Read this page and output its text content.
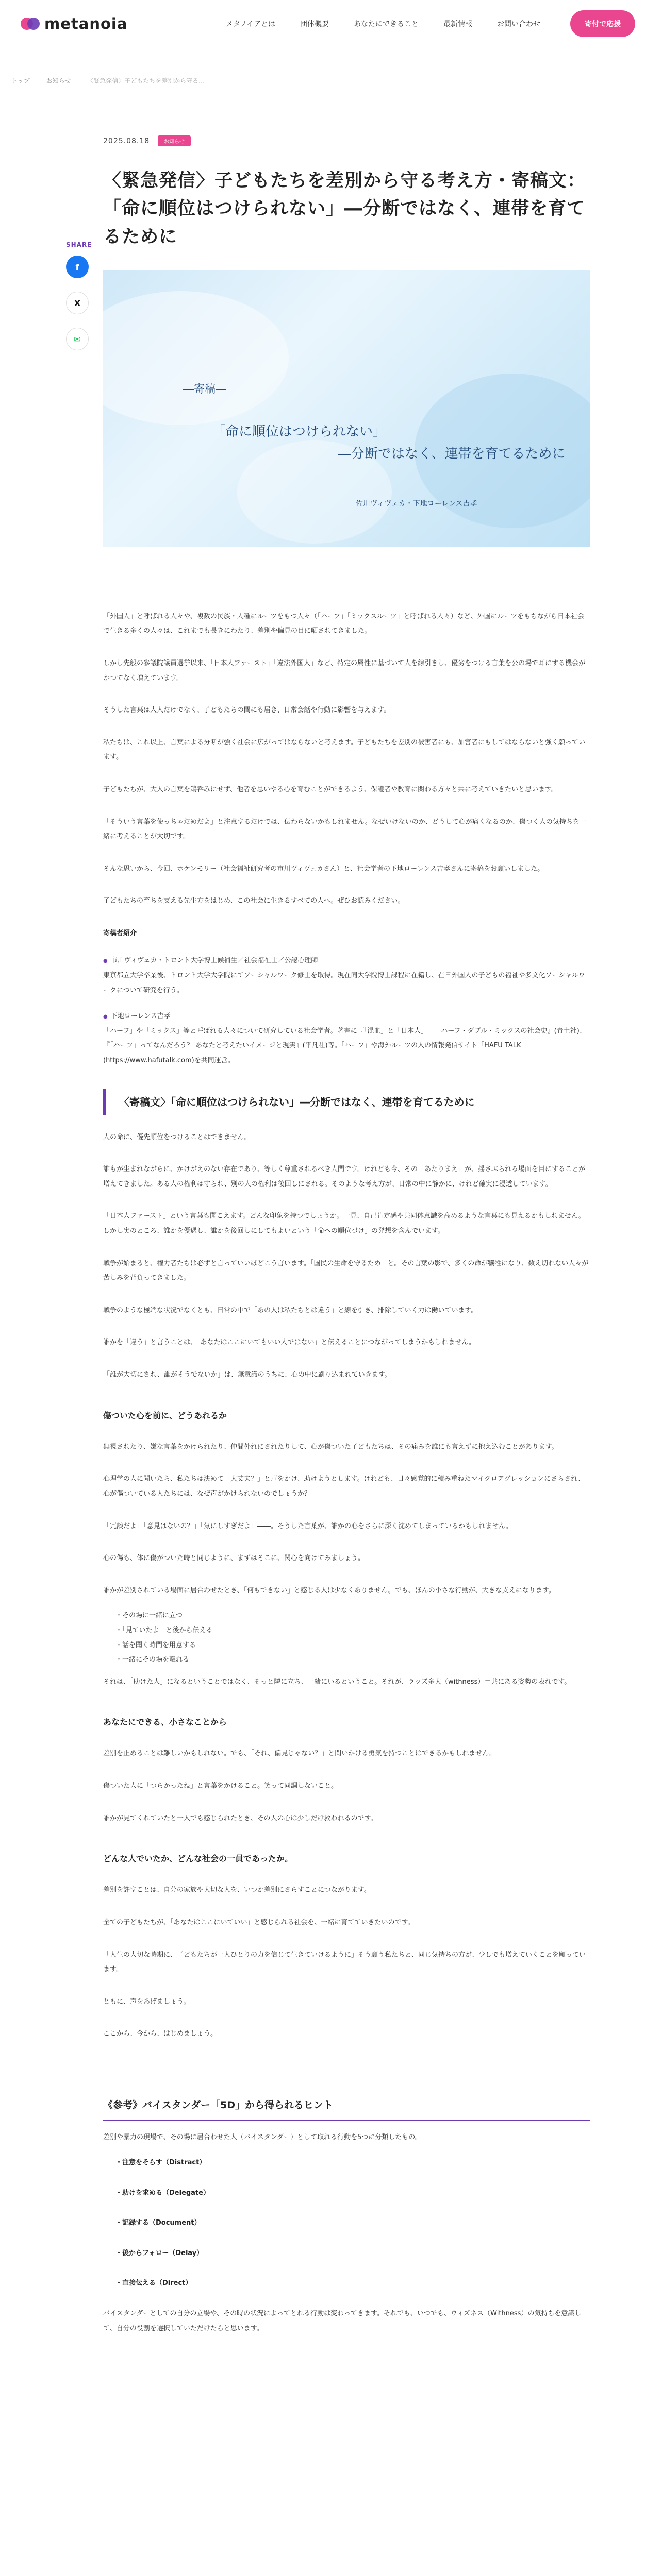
metanoia	メタノイアとは	団体概要	あなたにできること	最新情報	お問い合わせ	寄付で応援
トップ — お知らせ — 〈緊急発信〉子どもたちを差別から守る…
2025.08.18	お知らせ
SHARE
f
X
✉
〈緊急発信〉子どもたちを差別から守る考え方・寄稿文：「命に順位はつけられない」―分断ではなく、連帯を育てるために
―寄稿―
「命に順位はつけられない」
―分断ではなく、連帯を育てるために
佐川ヴィヴェカ・下地ローレンス吉孝

「外国人」と呼ばれる人々や、複数の民族・人種にルーツをもつ人々（「ハーフ」「ミックスルーツ」と呼ばれる人々）など、外国にルーツをもちながら日本社会で生きる多くの人々は、これまでも長きにわたり、差別や偏見の目に晒されてきました。

しかし先般の参議院議員選挙以来、「日本人ファースト」「違法外国人」など、特定の属性に基づいて人を線引きし、優劣をつける言葉を公の場で耳にする機会がかつてなく増えています。

そうした言葉は大人だけでなく、子どもたちの間にも届き、日常会話や行動に影響を与えます。

私たちは、これ以上、言葉による分断が強く社会に広がってはならないと考えます。子どもたちを差別の被害者にも、加害者にもしてはならないと強く願っています。

子どもたちが、大人の言葉を鵜呑みにせず、他者を思いやる心を育むことができるよう、保護者や教育に関わる方々と共に考えていきたいと思います。

「そういう言葉を使っちゃだめだよ」と注意するだけでは、伝わらないかもしれません。なぜいけないのか、どうして心が痛くなるのか、傷つく人の気持ちを一緒に考えることが大切です。

そんな思いから、今回、ホケンモリー（社会福祉研究者の市川ヴィヴェカさん）と、社会学者の下地ローレンス吉孝さんに寄稿をお願いしました。

子どもたちの育ちを支える先生方をはじめ、この社会に生きるすべての人へ。ぜひお読みください。

寄稿者紹介
● 市川ヴィヴェカ・トロント大学博士候補生／社会福祉士／公認心理師
東京都立大学卒業後、トロント大学大学院にてソーシャルワーク修士を取得。現在同大学院博士課程に在籍し、在日外国人の子どもの福祉や多文化ソーシャルワークについて研究を行う。
● 下地ローレンス吉孝
「ハーフ」や「ミックス」等と呼ばれる人々について研究している社会学者。著書に『「混血」と「日本人」――ハーフ・ダブル・ミックスの社会史』(青土社)、『「ハーフ」ってなんだろう？ あなたと考えたいイメージと現実』(平凡社)等。「ハーフ」や海外ルーツの人の情報発信サイト「HAFU TALK」(https://www.hafutalk.com)を共同運営。
〈寄稿文〉「命に順位はつけられない」―分断ではなく、連帯を育てるために

人の命に、優先順位をつけることはできません。

誰もが生まれながらに、かけがえのない存在であり、等しく尊重されるべき人間です。けれども今、その「あたりまえ」が、揺さぶられる場面を目にすることが増えてきました。ある人の権利は守られ、別の人の権利は後回しにされる。そのような考え方が、日常の中に静かに、けれど確実に浸透しています。

「日本人ファースト」という言葉も聞こえます。どんな印象を持つでしょうか。一見、自己肯定感や共同体意識を高めるような言葉にも見えるかもしれません。しかし実のところ、誰かを優遇し、誰かを後回しにしてもよいという「命への順位づけ」の発想を含んでいます。

戦争が始まると、権力者たちは必ずと言っていいほどこう言います。「国民の生命を守るため」と。その言葉の影で、多くの命が犠牲になり、数え切れない人々が苦しみを背負ってきました。

戦争のような極端な状況でなくとも、日常の中で「あの人は私たちとは違う」と線を引き、排除していく力は働いています。

誰かを「違う」と言うことは、「あなたはここにいてもいい人ではない」と伝えることにつながってしまうかもしれません。

「誰が大切にされ、誰がそうでないか」は、無意識のうちに、心の中に刷り込まれていきます。

傷ついた心を前に、どうあれるか

無視されたり、嫌な言葉をかけられたり、仲間外れにされたりして、心が傷ついた子どもたちは、その痛みを誰にも言えずに抱え込むことがあります。

心理学の人に聞いたら、私たちは決めて「大丈夫？」と声をかけ、助けようとします。けれども、日々感覚的に積み重ねたマイクロアグレッションにさらされ、心が傷ついている人たちには、なぜ声がかけられないのでしょうか？

「冗談だよ」「意見はないの？」「気にしすぎだよ」――。そうした言葉が、誰かの心をさらに深く沈めてしまっているかもしれません。

心の傷も、体に傷がついた時と同じように、まずはそこに、関心を向けてみましょう。

誰かが差別されている場面に居合わせたとき、「何もできない」と感じる人は少なくありません。でも、ほんの小さな行動が、大きな支えになります。

・その場に一緒に立つ
・「見ていたよ」と後から伝える
・話を聞く時間を用意する
・一緒にその場を離れる

それは、「助けた人」になるということではなく、そっと隣に立ち、一緒にいるということ。それが、ラッズ多大（withness）＝共にある姿勢の表れです。

あなたにできる、小さなことから

差別を止めることは難しいかもしれない。でも、「それ、偏見じゃない？」と問いかける勇気を持つことはできるかもしれません。

傷ついた人に「つらかったね」と言葉をかけること。笑って同調しないこと。

誰かが見てくれていたと一人でも感じられたとき、その人の心は少しだけ救われるのです。

どんな人でいたか、どんな社会の一員であったか。

差別を許すことは、自分の家族や大切な人を、いつか差別にさらすことにつながります。

全ての子どもたちが、「あなたはここにいていい」と感じられる社会を、一緒に育てていきたいのです。

「人生の大切な時期に、子どもたちが一人ひとりの力を信じて生きていけるように」そう願う私たちと、同じ気持ちの方が、少しでも増えていくことを願っています。

ともに、声をあげましょう。

ここから、今から、はじめましょう。

――――――――
《参考》バイスタンダー「5D」から得られるヒント

差別や暴力の現場で、その場に居合わせた人（バイスタンダー）として取れる行動を5つに分類したもの。

・注意をそらす（Distract）
・助けを求める（Delegate）
・記録する（Document）
・後からフォロー（Delay）
・直接伝える（Direct）

バイスタンダーとしての自分の立場や、その時の状況によってとれる行動は変わってきます。それでも、いつでも、ウィズネス（Withness）の気持ちを意識して、自分の役割を選択していただけたらと思います。
